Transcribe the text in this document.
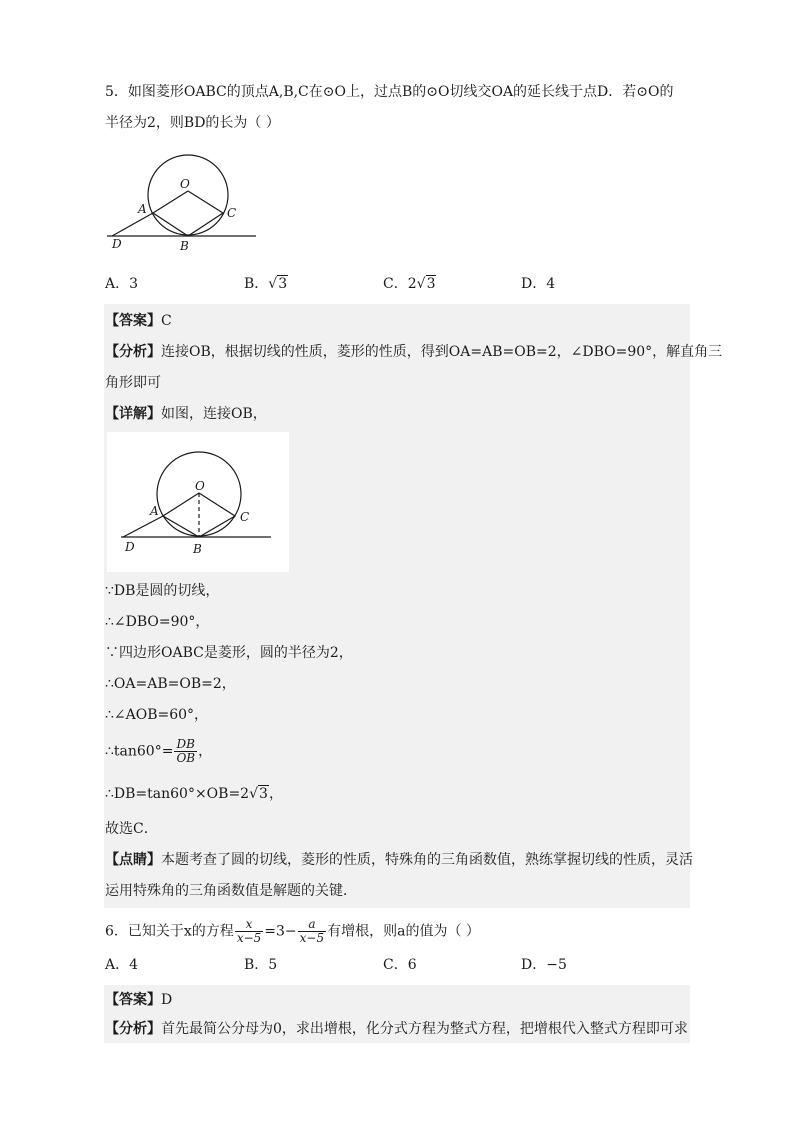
5．如图菱形OABC的顶点A,B,C在⊙O上，过点B的⊙O切线交OA的延长线于点D．若⊙O的
半径为2，则BD的长为（ ）
O
A	C
D	B
A．3	B．√3	C．2√3	D．4
【答案】C
【分析】连接OB，根据切线的性质，菱形的性质，得到OA=AB=OB=2，∠DBO=90°，解直角三
角形即可
【详解】如图，连接OB，
O
A	C
D	B
∵DB是圆的切线，
∴∠DBO=90°，
∵四边形OABC是菱形，圆的半径为2，
∴OA=AB=OB=2，
∴∠AOB=60°，
∴tan60°= $\frac{DB}{OB}$ ，
∴DB=tan60°×OB=2√3，
故选C．
【点睛】本题考查了圆的切线，菱形的性质，特殊角的三角函数值，熟练掌握切线的性质，灵活
运用特殊角的三角函数值是解题的关键．
6．已知关于x的方程 $\frac{x}{x-5} =3- \frac{a}{x-5}$ 有增根，则a的值为（ ）
A．4	B．5	C．6	D．−5
【答案】D
【分析】首先最简公分母为0，求出增根，化分式方程为整式方程，把增根代入整式方程即可求
